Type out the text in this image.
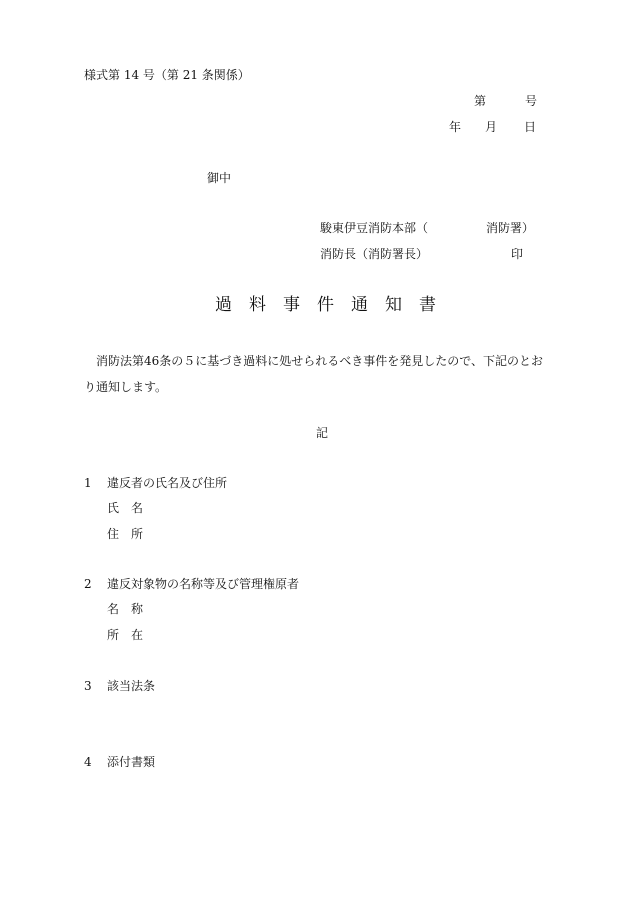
様式第 14 号（第 21 条関係）
第	号
年 月 日
御中
駿東伊豆消防本部（	消防署）
消防長（消防署長）	印
過 料 事 件 通 知 書
消防法第46条の５に基づき過料に処せられるべき事件を発見したので、下記のとおり通知します。
記
1 違反者の氏名及び住所
氏名
住所
2 違反対象物の名称等及び管理権原者
名称
所在
3 該当法条
4 添付書類
